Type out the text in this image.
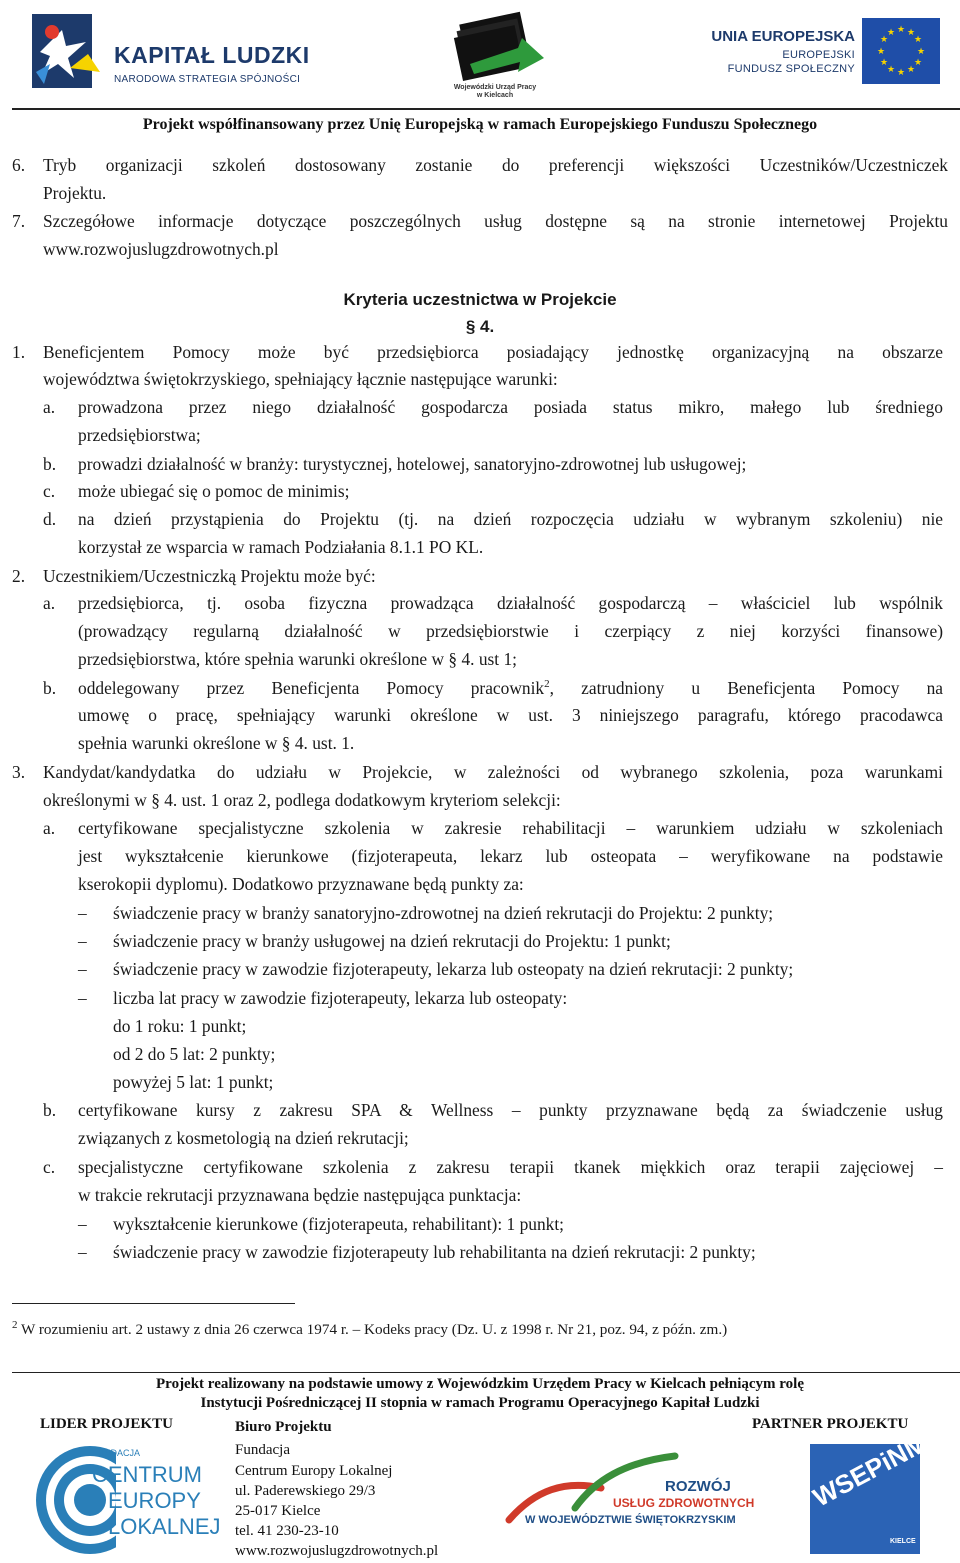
KAPITAŁ LUDZKI
NARODOWA STRATEGIA SPÓJNOŚCI
Wojewódzki Urząd Pracy
w Kielcach
UNIA EUROPEJSKA
EUROPEJSKI
FUNDUSZ SPOŁECZNY
★ ★
★
★
★
★
★
★
★
★
★
★
Projekt współfinansowany przez Unię Europejską w ramach Europejskiego Funduszu Społecznego
6. Tryb organizacji szkoleń dostosowany zostanie do preferencji większości Uczestników/Uczestniczek
Projektu.
7. Szczegółowe informacje dotyczące poszczególnych usług dostępne są na stronie internetowej Projektu
www.rozwojuslugzdrowotnych.pl
Kryteria uczestnictwa w Projekcie
§ 4.
1. Beneficjentem Pomocy może być przedsiębiorca posiadający jednostkę organizacyjną na obszarze
województwa świętokrzyskiego, spełniający łącznie następujące warunki:
a. prowadzona przez niego działalność gospodarcza posiada status mikro, małego lub średniego
przedsiębiorstwa;
b. prowadzi działalność w branży: turystycznej, hotelowej, sanatoryjno-zdrowotnej lub usługowej;
c. może ubiegać się o pomoc de minimis;
d. na dzień przystąpienia do Projektu (tj. na dzień rozpoczęcia udziału w wybranym szkoleniu) nie
korzystał ze wsparcia w ramach Podziałania 8.1.1 PO KL.
2. Uczestnikiem/Uczestniczką Projektu może być:
a. przedsiębiorca, tj. osoba fizyczna prowadząca działalność gospodarczą – właściciel lub wspólnik
(prowadzący regularną działalność w przedsiębiorstwie i czerpiący z niej korzyści finansowe)
przedsiębiorstwa, które spełnia warunki określone w § 4. ust 1;
b. oddelegowany przez Beneficjenta Pomocy pracownik$^2$, zatrudniony u Beneficjenta Pomocy na
umowę o pracę, spełniający warunki określone w ust. 3 niniejszego paragrafu, którego pracodawca
spełnia warunki określone w § 4. ust. 1.
3. Kandydat/kandydatka do udziału w Projekcie, w zależności od wybranego szkolenia, poza warunkami
określonymi w § 4. ust. 1 oraz 2, podlega dodatkowym kryteriom selekcji:
a. certyfikowane specjalistyczne szkolenia w zakresie rehabilitacji – warunkiem udziału w szkoleniach
jest wykształcenie kierunkowe (fizjoterapeuta, lekarz lub osteopata – weryfikowane na podstawie
kserokopii dyplomu). Dodatkowo przyznawane będą punkty za:
– świadczenie pracy w branży sanatoryjno-zdrowotnej na dzień rekrutacji do Projektu: 2 punkty;
– świadczenie pracy w branży usługowej na dzień rekrutacji do Projektu: 1 punkt;
– świadczenie pracy w zawodzie fizjoterapeuty, lekarza lub osteopaty na dzień rekrutacji: 2 punkty;
– liczba lat pracy w zawodzie fizjoterapeuty, lekarza lub osteopaty:
do 1 roku: 1 punkt;
od 2 do 5 lat: 2 punkty;
powyżej 5 lat: 1 punkt;
b. certyfikowane kursy z zakresu SPA & Wellness – punkty przyznawane będą za świadczenie usług
związanych z kosmetologią na dzień rekrutacji;
c. specjalistyczne certyfikowane szkolenia z zakresu terapii tkanek miękkich oraz terapii zajęciowej –
w trakcie rekrutacji przyznawana będzie następująca punktacja:
– wykształcenie kierunkowe (fizjoterapeuta, rehabilitant): 1 punkt;
– świadczenie pracy w zawodzie fizjoterapeuty lub rehabilitanta na dzień rekrutacji: 2 punkty;
$^2$ W rozumieniu art. 2 ustawy z dnia 26 czerwca 1974 r. – Kodeks pracy (Dz. U. z 1998 r. Nr 21, poz. 94, z późn. zm.)
Projekt realizowany na podstawie umowy z Wojewódzkim Urzędem Pracy w Kielcach pełniącym rolę
Instytucji Pośredniczącej II stopnia w ramach Programu Operacyjnego Kapitał Ludzki
LIDER PROJEKTU	PARTNER PROJEKTU
Biuro Projektu
Fundacja
Centrum Europy Lokalnej
ul. Paderewskiego 29/3
25-017 Kielce
tel. 41 230-23-10
www.rozwojuslugzdrowotnych.pl
FUNDACJA
CENTRUM
EUROPY
LOKALNEJ
ROZWÓJ
USŁUG ZDROWOTNYCH
W WOJEWÓDZTWIE ŚWIĘTOKRZYSKIM
WSEPiNM
KIELCE
